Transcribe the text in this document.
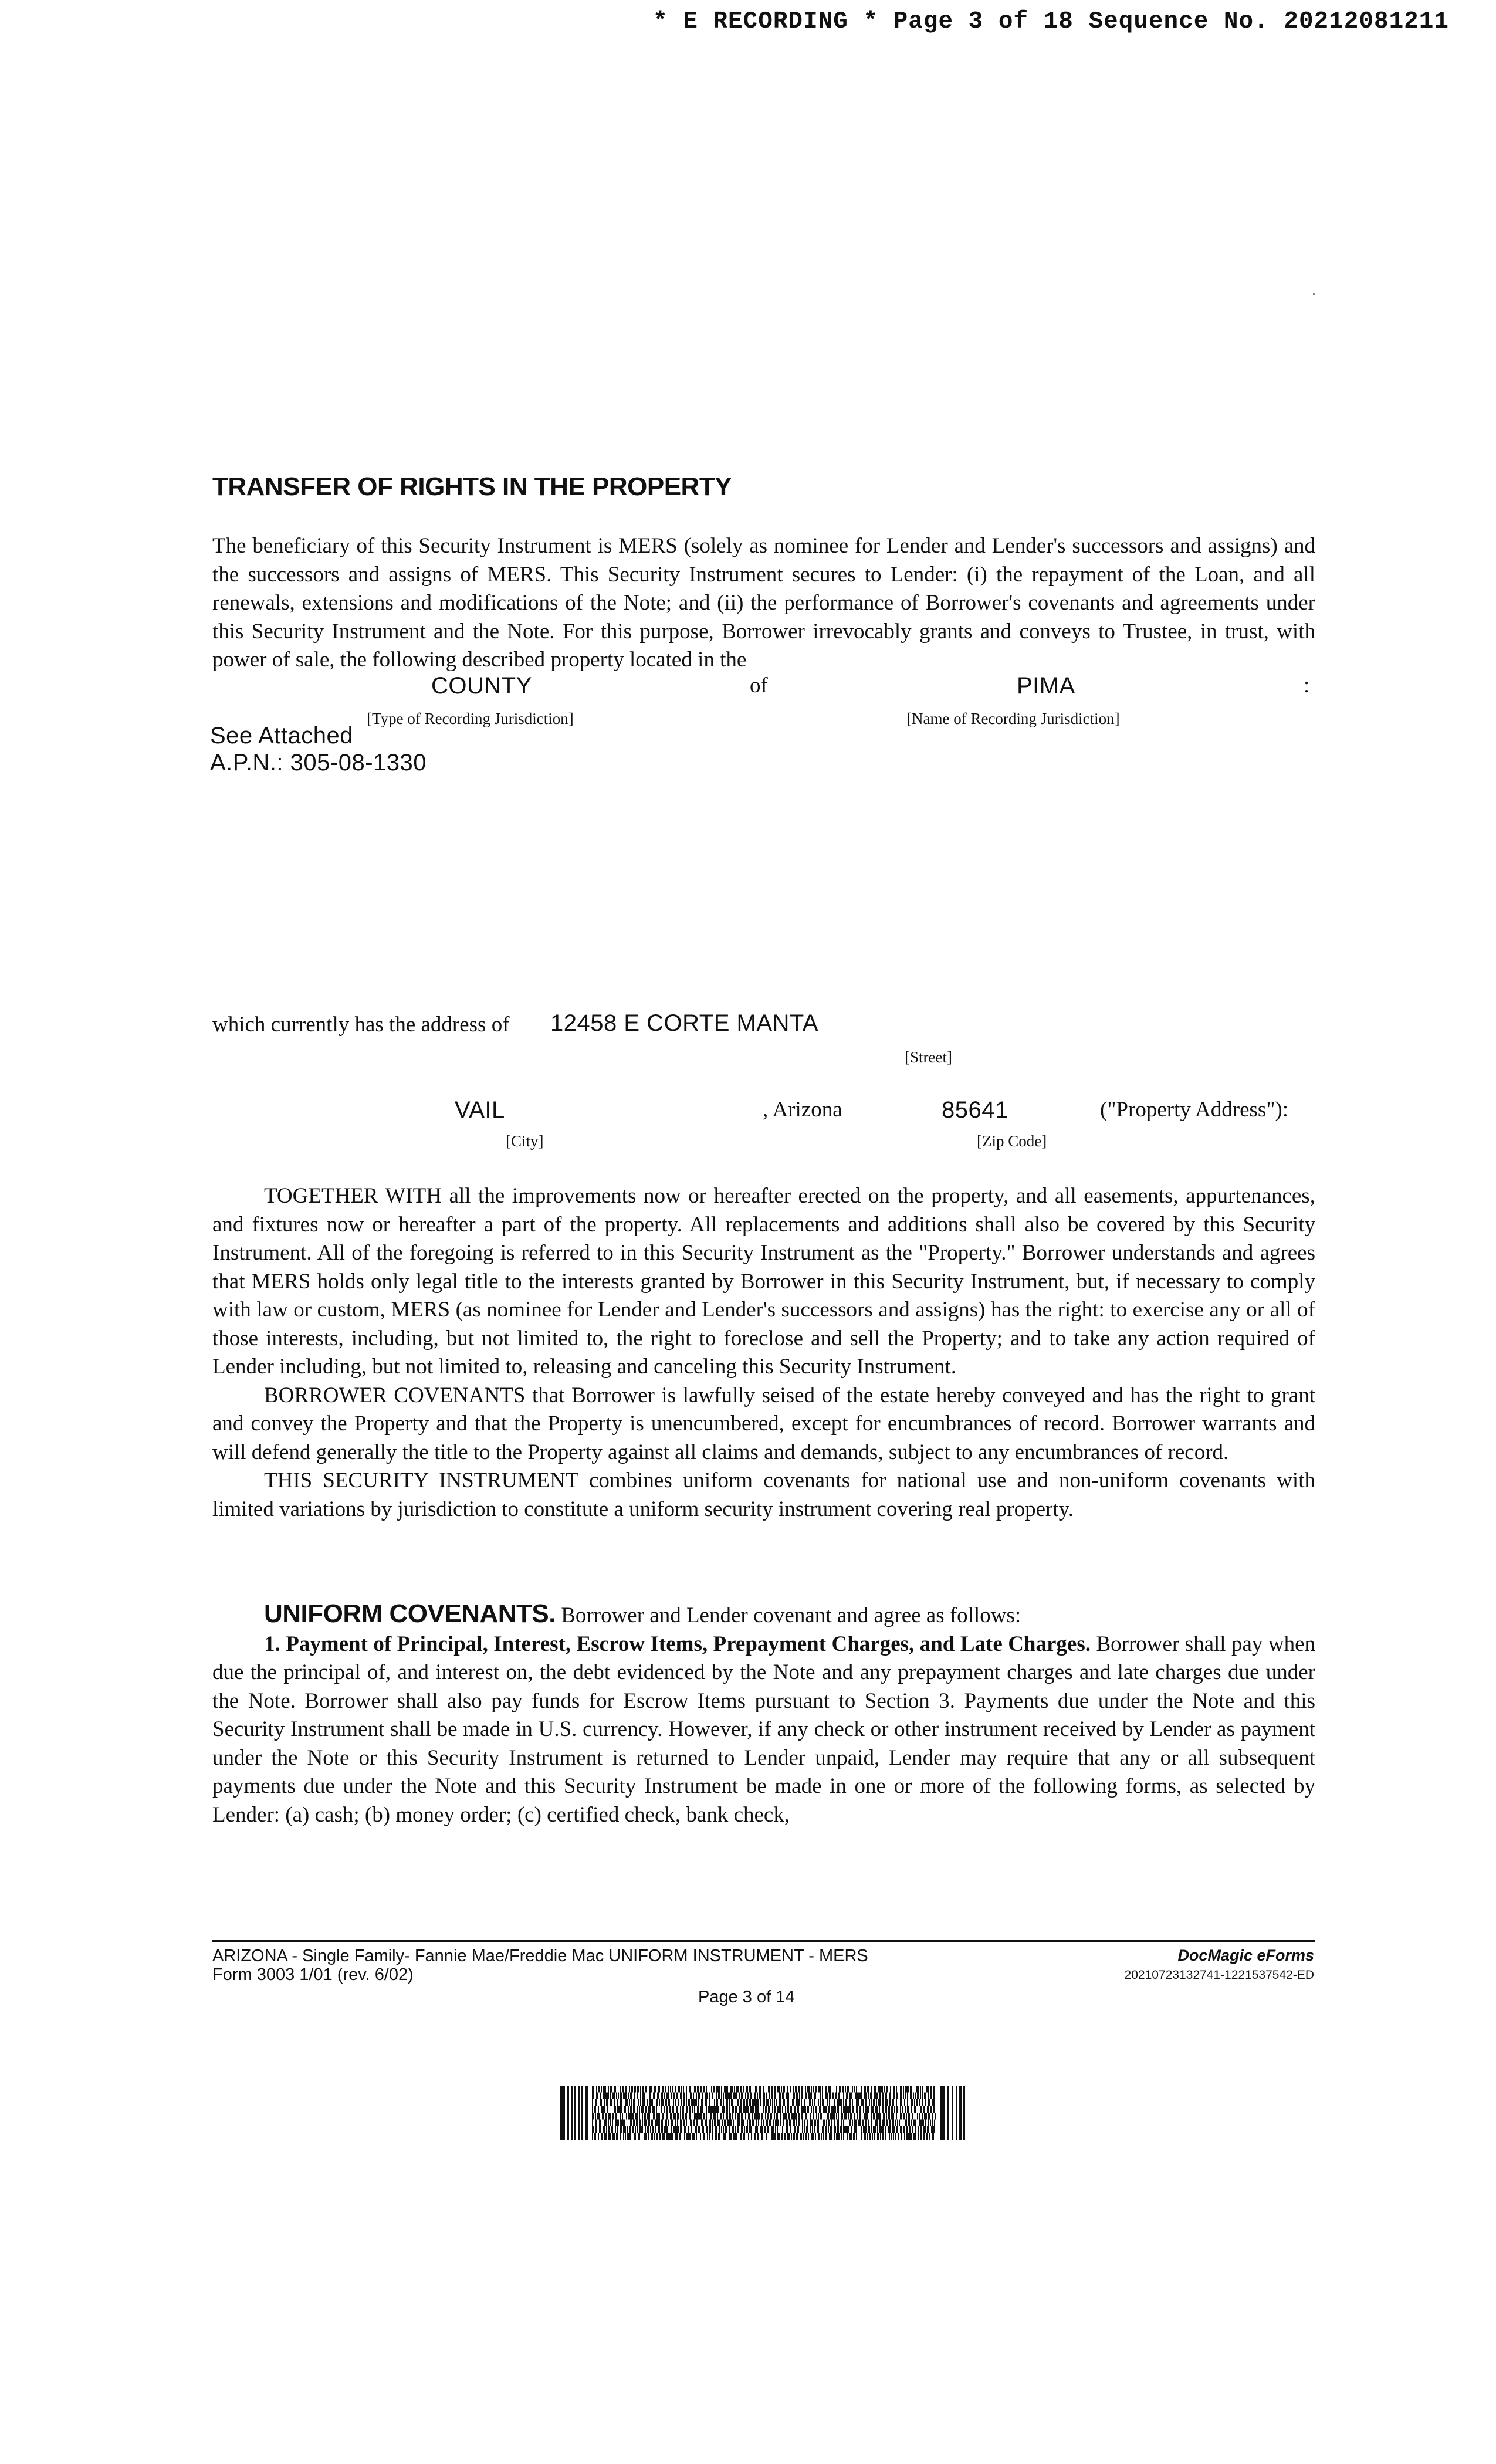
* E RECORDING * Page 3 of 18 Sequence No. 20212081211
TRANSFER OF RIGHTS IN THE PROPERTY
The beneficiary of this Security Instrument is MERS (solely as nominee for Lender and Lender's successors and assigns) and the successors and assigns of MERS. This Security Instrument secures to Lender: (i) the repayment of the Loan, and all renewals, extensions and modifications of the Note; and (ii) the performance of Borrower's covenants and agreements under this Security Instrument and the Note. For this purpose, Borrower irrevocably grants and conveys to Trustee, in trust, with power of sale, the following described property located in the
COUNTY	of	PIMA	:
[Type of Recording Jurisdiction]	[Name of Recording Jurisdiction]
See Attached
A.P.N.: 305-08-1330
which currently has the address of 12458 E CORTE MANTA
[Street]
VAIL	, Arizona	85641	("Property Address"):
[City]	[Zip Code]

TOGETHER WITH all the improvements now or hereafter erected on the property, and all easements, appurtenances, and fixtures now or hereafter a part of the property. All replacements and additions shall also be covered by this Security Instrument. All of the foregoing is referred to in this Security Instrument as the "Property." Borrower understands and agrees that MERS holds only legal title to the interests granted by Borrower in this Security Instrument, but, if necessary to comply with law or custom, MERS (as nominee for Lender and Lender's successors and assigns) has the right: to exercise any or all of those interests, including, but not limited to, the right to foreclose and sell the Property; and to take any action required of Lender including, but not limited to, releasing and canceling this Security Instrument.

BORROWER COVENANTS that Borrower is lawfully seised of the estate hereby conveyed and has the right to grant and convey the Property and that the Property is unencumbered, except for encumbrances of record. Borrower warrants and will defend generally the title to the Property against all claims and demands, subject to any encumbrances of record.

THIS SECURITY INSTRUMENT combines uniform covenants for national use and non-uniform covenants with limited variations by jurisdiction to constitute a uniform security instrument covering real property.

UNIFORM COVENANTS. Borrower and Lender covenant and agree as follows:

1. Payment of Principal, Interest, Escrow Items, Prepayment Charges, and Late Charges. Borrower shall pay when due the principal of, and interest on, the debt evidenced by the Note and any prepayment charges and late charges due under the Note. Borrower shall also pay funds for Escrow Items pursuant to Section 3. Payments due under the Note and this Security Instrument shall be made in U.S. currency. However, if any check or other instrument received by Lender as payment under the Note or this Security Instrument is returned to Lender unpaid, Lender may require that any or all subsequent payments due under the Note and this Security Instrument be made in one or more of the following forms, as selected by Lender: (a) cash; (b) money order; (c) certified check, bank check,

ARIZONA - Single Family- Fannie Mae/Freddie Mac UNIFORM INSTRUMENT - MERS
Form 3003 1/01 (rev. 6/02)
DocMagic eForms
20210723132741-1221537542-ED
Page 3 of 14
